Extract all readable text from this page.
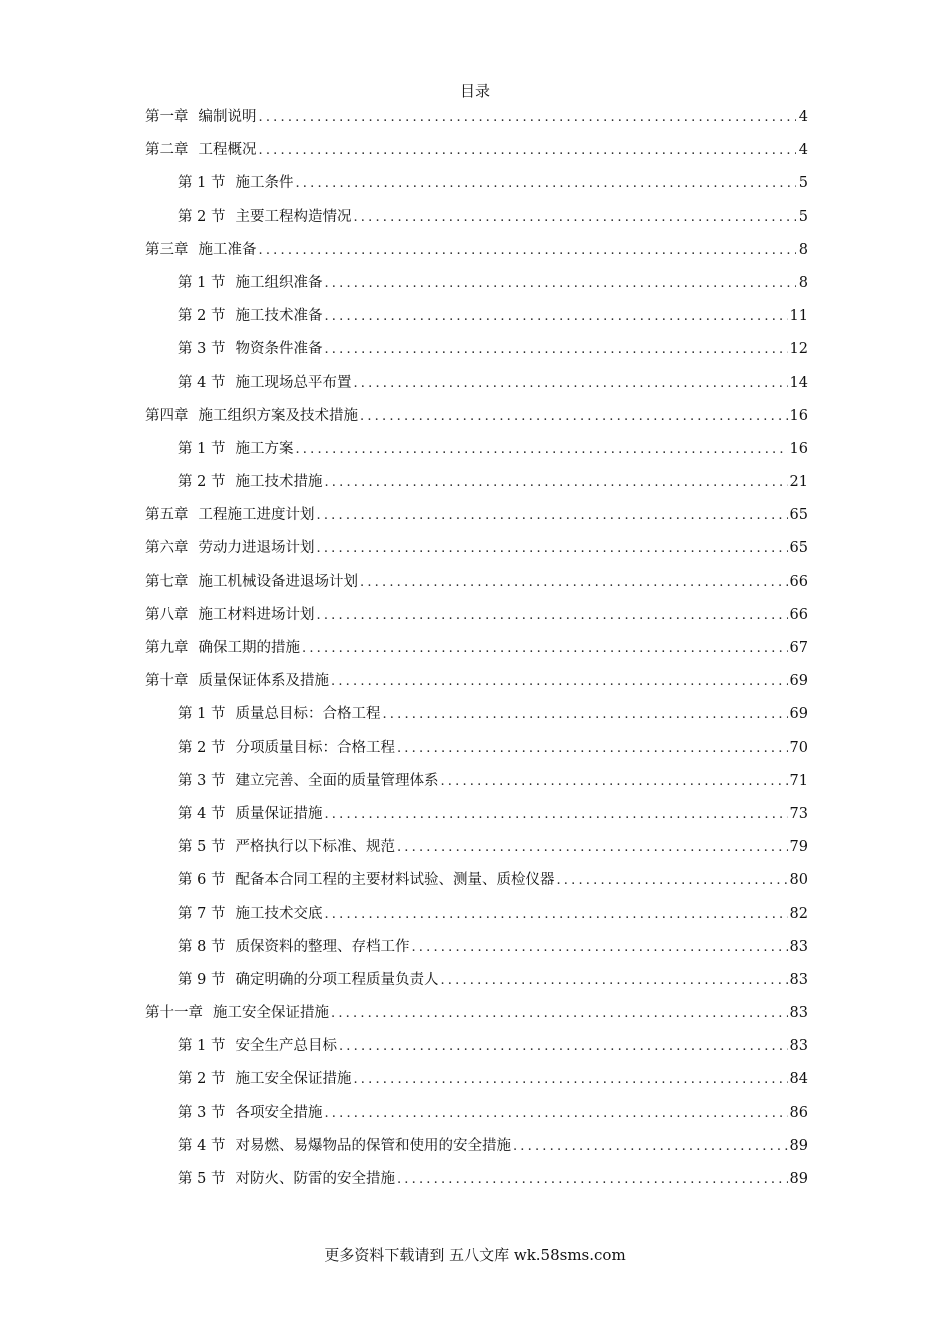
目录
第一章 编制说明 .....	4
第二章 工程概况 .....	4
第 1 节 施工条件 .....	5
第 2 节 主要工程构造情况 .....	5
第三章 施工准备 .....	8
第 1 节 施工组织准备 .....	8
第 2 节 施工技术准备 .....	11
第 3 节 物资条件准备 .....	12
第 4 节 施工现场总平布置 .....	14
第四章 施工组织方案及技术措施 .....	16
第 1 节 施工方案 .....	16
第 2 节 施工技术措施 .....	21
第五章 工程施工进度计划 .....	65
第六章 劳动力进退场计划 .....	65
第七章 施工机械设备进退场计划 .....	66
第八章 施工材料进场计划 .....	66
第九章 确保工期的措施 .....	67
第十章 质量保证体系及措施 .....	69
第 1 节 质量总目标：合格工程 .....	69
第 2 节 分项质量目标：合格工程 .....	70
第 3 节 建立完善、全面的质量管理体系 .....	71
第 4 节 质量保证措施 .....	73
第 5 节 严格执行以下标准、规范 .....	79
第 6 节 配备本合同工程的主要材料试验、测量、质检仪器 .....	80
第 7 节 施工技术交底 .....	82
第 8 节 质保资料的整理、存档工作 .....	83
第 9 节 确定明确的分项工程质量负责人 .....	83
第十一章 施工安全保证措施 .....	83
第 1 节 安全生产总目标 .....	83
第 2 节 施工安全保证措施 .....	84
第 3 节 各项安全措施 .....	86
第 4 节 对易燃、易爆物品的保管和使用的安全措施 .....	89
第 5 节 对防火、防雷的安全措施 .....	89
更多资料下载请到 五八文库 wk.58sms.com
